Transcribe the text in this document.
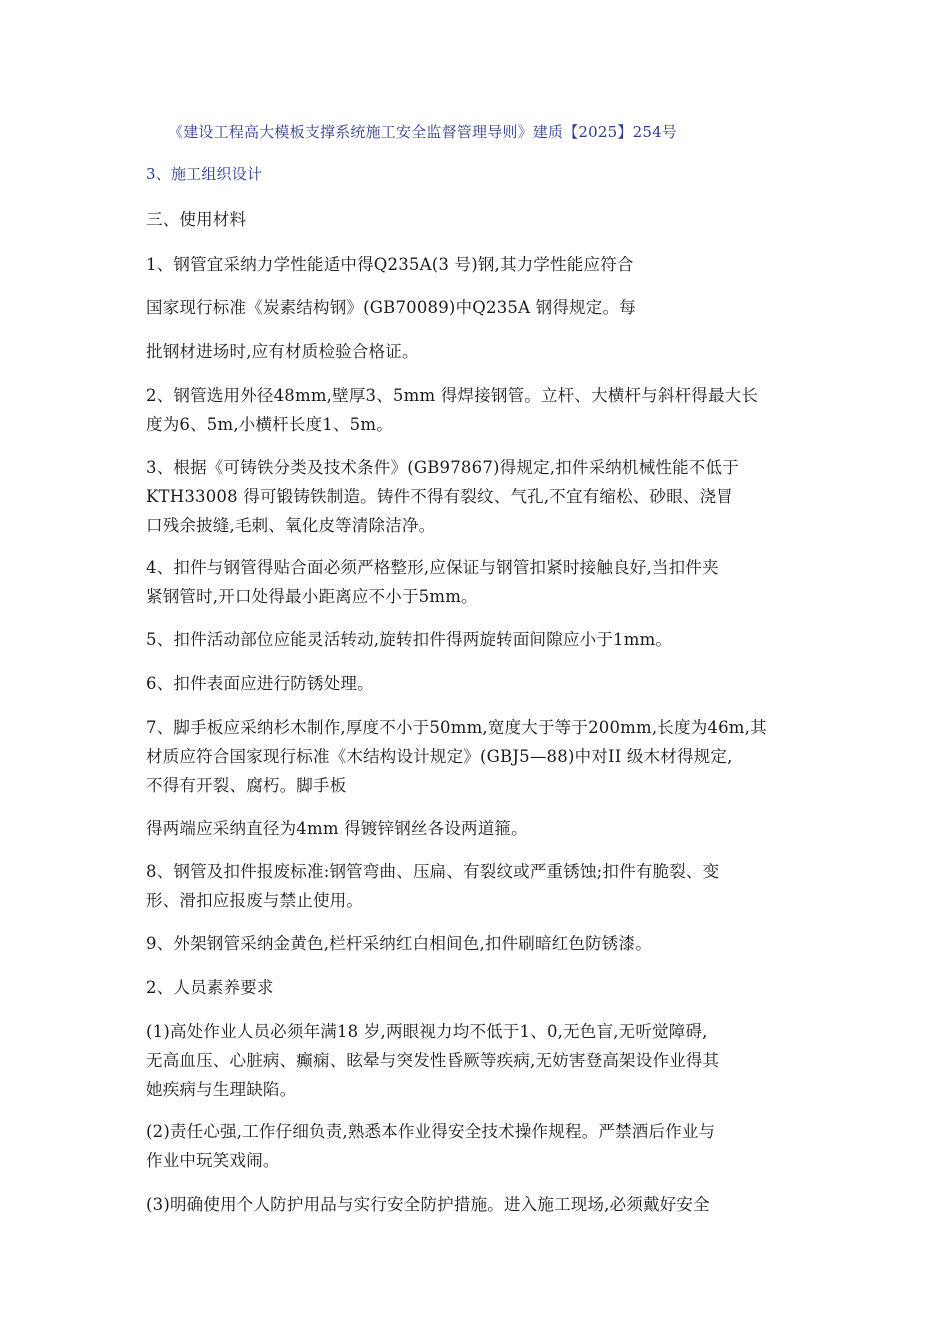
《建设工程高大模板支撑系统施工安全监督管理导则》建质【2025】254号

3、施工组织设计

三、使用材料

1、钢管宜采纳力学性能适中得Q235A(3 号)钢,其力学性能应符合

国家现行标准《炭素结构钢》(GB70089)中Q235A 钢得规定。每

批钢材进场时,应有材质检验合格证。

2、钢管选用外径48mm,壁厚3、5mm 得焊接钢管。立杆、大横杆与斜杆得最大长
度为6、5m,小横杆长度1、5m。

3、根据《可铸铁分类及技术条件》(GB97867)得规定,扣件采纳机械性能不低于
KTH33008 得可锻铸铁制造。铸件不得有裂纹、气孔,不宜有缩松、砂眼、浇冒
口残余披缝,毛刺、氧化皮等清除洁净。

4、扣件与钢管得贴合面必须严格整形,应保证与钢管扣紧时接触良好,当扣件夹
紧钢管时,开口处得最小距离应不小于5mm。

5、扣件活动部位应能灵活转动,旋转扣件得两旋转面间隙应小于1mm。

6、扣件表面应进行防锈处理。

7、脚手板应采纳杉木制作,厚度不小于50mm,宽度大于等于200mm,长度为46m,其
材质应符合国家现行标准《木结构设计规定》(GBJ5—88)中对II 级木材得规定,
不得有开裂、腐朽。脚手板

得两端应采纳直径为4mm 得镀锌钢丝各设两道箍。

8、钢管及扣件报废标准:钢管弯曲、压扁、有裂纹或严重锈蚀;扣件有脆裂、变
形、滑扣应报废与禁止使用。

9、外架钢管采纳金黄色,栏杆采纳红白相间色,扣件刷暗红色防锈漆。

2、人员素养要求

(1)高处作业人员必须年满18 岁,两眼视力均不低于1、0,无色盲,无听觉障碍,
无高血压、心脏病、癫痫、眩晕与突发性昏厥等疾病,无妨害登高架设作业得其
她疾病与生理缺陷。

(2)责任心强,工作仔细负责,熟悉本作业得安全技术操作规程。严禁酒后作业与
作业中玩笑戏闹。

(3)明确使用个人防护用品与实行安全防护措施。进入施工现场,必须戴好安全
